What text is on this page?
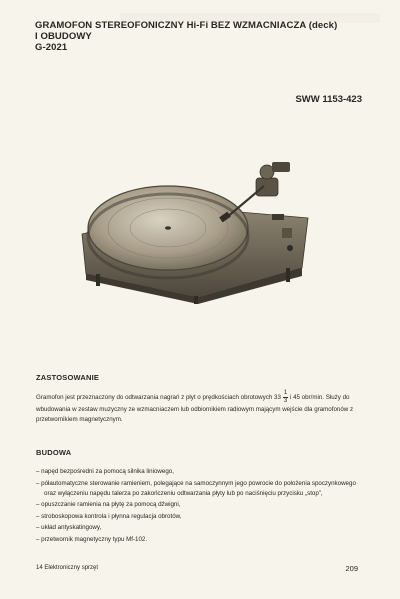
GRAMOFON STEREOFONICZNY Hi-Fi BEZ WZMACNIACZA (deck)
I OBUDOWY
G-2021
SWW 1153-423
ZASTOSOWANIE
Gramofon jest przeznaczony do odtwarzania nagrań z płyt o prędkościach obrotowych $33 \frac{1}{3}$ i 45 obr/min. Służy do wbudowania w zestaw muzyczny ze wzmacniaczem lub odbiornikiem radiowym mającym wejście dla gramofonów z przetwornikiem magnetycznym.
BUDOWA
– napęd bezpośredni za pomocą silnika liniowego,
– półautomatyczne sterowanie ramieniem, polegające na samoczynnym jego powrocie do położenia spoczynkowego oraz wyłączeniu napędu talerza po zakończeniu odtwarzania płyty lub po naciśnięciu przycisku „stop”,
– opuszczanie ramienia na płytę za pomocą dźwigni,
– stroboskopowa kontrola i płynna regulacja obrotów,
– układ antyskatingowy,
– przetwornik magnetyczny typu Mf-102.
14 Elektroniczny sprzęt	209
